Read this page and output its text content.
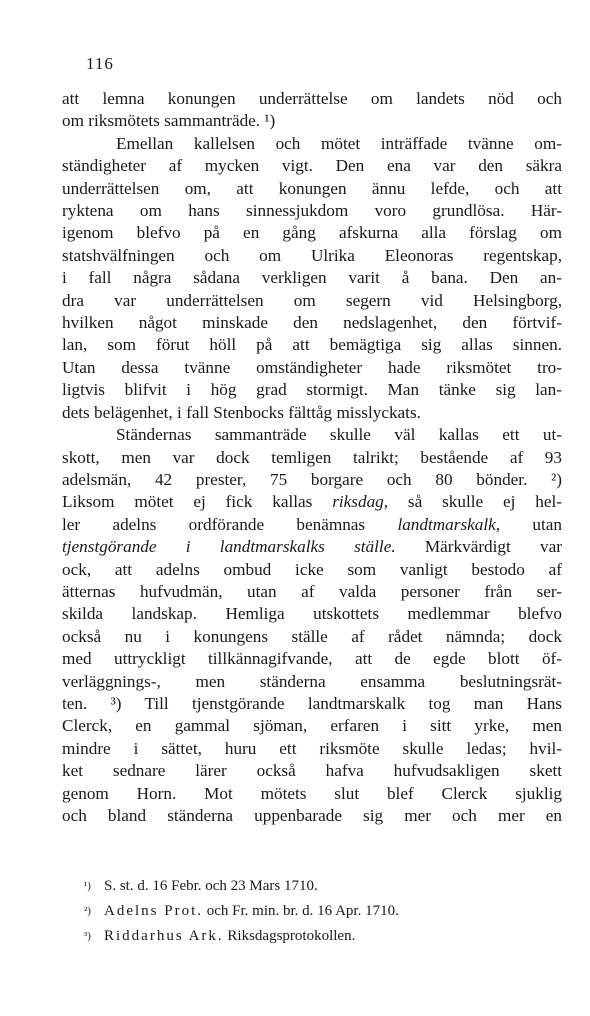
116
att lemna konungen underrättelse om landets nöd och
om riksmötets sammanträde. ¹)
Emellan kallelsen och mötet inträffade tvänne om-
ständigheter af mycken vigt. Den ena var den säkra
underrättelsen om, att konungen ännu lefde, och att
ryktena om hans sinnessjukdom voro grundlösa. Här-
igenom blefvo på en gång afskurna alla förslag om
statshvälfningen och om Ulrika Eleonoras regentskap,
i fall några sådana verkligen varit å bana. Den an-
dra var underrättelsen om segern vid Helsingborg,
hvilken något minskade den nedslagenhet, den förtvif-
lan, som förut höll på att bemägtiga sig allas sinnen.
Utan dessa tvänne omständigheter hade riksmötet tro-
ligtvis blifvit i hög grad stormigt. Man tänke sig lan-
dets belägenhet, i fall Stenbocks fälttåg misslyckats.
Ständernas sammanträde skulle väl kallas ett ut-
skott, men var dock temligen talrikt; bestående af 93
adelsmän, 42 prester, 75 borgare och 80 bönder. ²)
Liksom mötet ej fick kallas riksdag, så skulle ej hel-
ler adelns ordförande benämnas landtmarskalk, utan
tjenstgörande i landtmarskalks ställe. Märkvärdigt var
ock, att adelns ombud icke som vanligt bestodo af
ätternas hufvudmän, utan af valda personer från ser-
skilda landskap. Hemliga utskottets medlemmar blefvo
också nu i konungens ställe af rådet nämnda; dock
med uttryckligt tillkännagifvande, att de egde blott öf-
verläggnings-, men ständerna ensamma beslutningsrät-
ten. ³) Till tjenstgörande landtmarskalk tog man Hans
Clerck, en gammal sjöman, erfaren i sitt yrke, men
mindre i sättet, huru ett riksmöte skulle ledas; hvil-
ket sednare lärer också hafva hufvudsakligen skett
genom Horn. Mot mötets slut blef Clerck sjuklig
och bland ständerna uppenbarade sig mer och mer en
¹) S. st. d. 16 Febr. och 23 Mars 1710.
²) Adelns Prot. och Fr. min. br. d. 16 Apr. 1710.
³) Riddarhus Ark. Riksdagsprotokollen.
